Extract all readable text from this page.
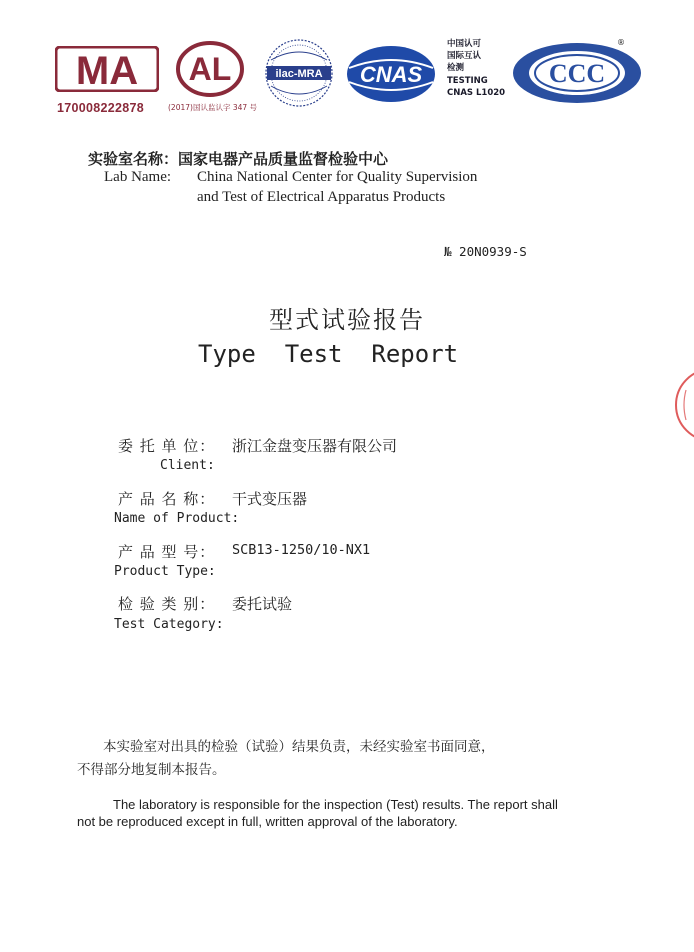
MA
170008222878	(2017)国认监认字 347 号
AL	ilac-MRA CNAS
中国认可
国际互认
检测
TESTING
CNAS L1020
CCC
®
实验室名称：国家电器产品质量监督检验中心
Lab Name: China National Center for Quality Supervision
and Test of Electrical Apparatus Products
№ 20N0939-S
型式试验报告
Type  Test  Report
委 托 单 位： 浙江金盘变压器有限公司
Client:
产 品 名 称： 干式变压器
Name of Product:
产 品 型 号： SCB13-1250/10-NX1
Product Type:
检 验 类 别： 委托试验
Test Category:
本实验室对出具的检验（试验）结果负责，未经实验室书面同意，
不得部分地复制本报告。
The laboratory is responsible for the inspection (Test) results. The report shall
not be reproduced except in full, written approval of the laboratory.
